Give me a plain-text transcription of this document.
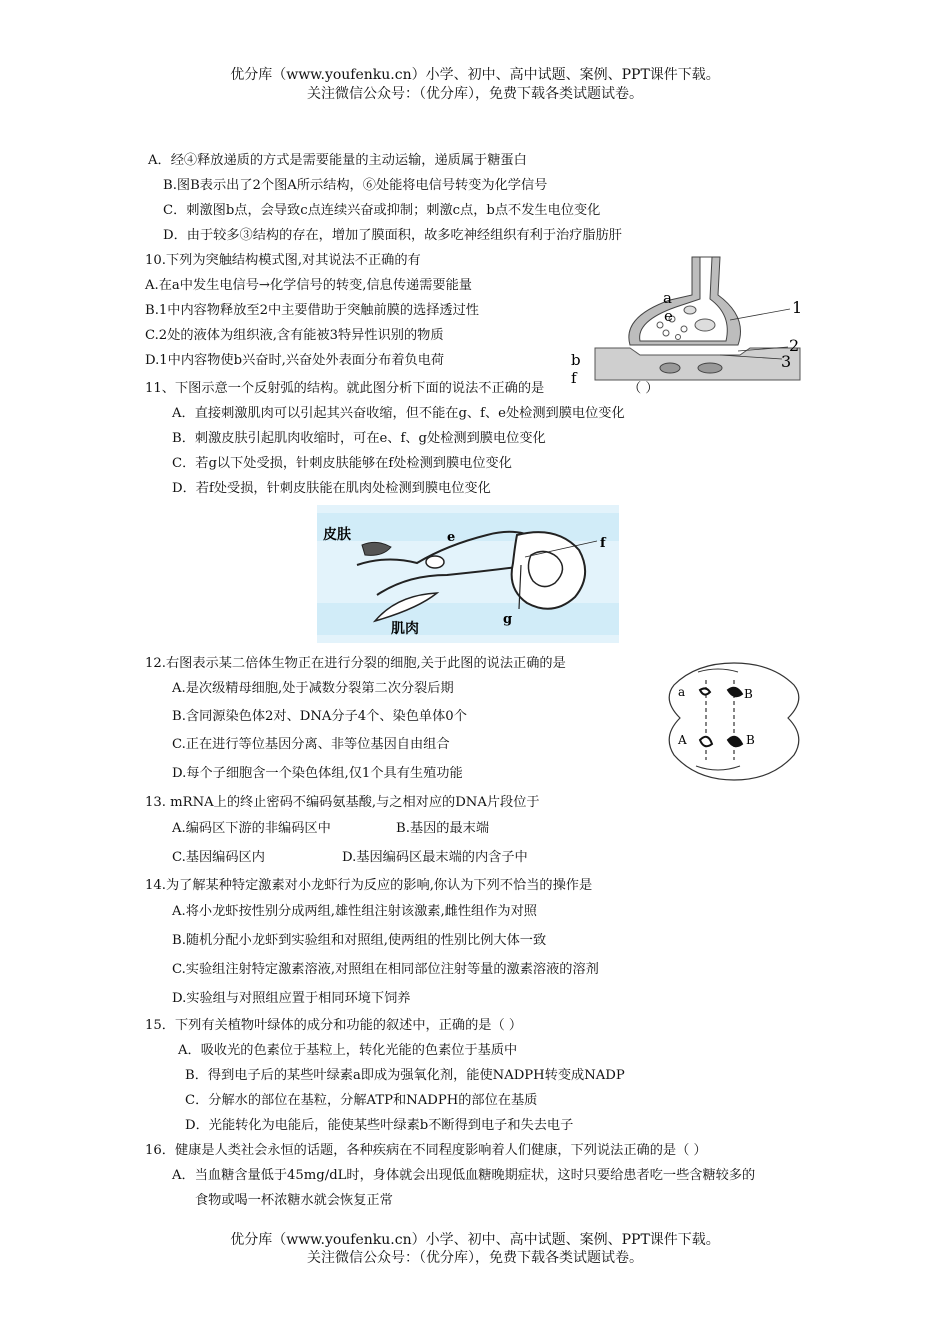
优分库（www.youfenku.cn）小学、初中、高中试题、案例、PPT课件下载。
关注微信公众号：（优分库），免费下载各类试题试卷。
A．经④释放递质的方式是需要能量的主动运输，递质属于糖蛋白
B.图B表示出了2个图A所示结构，⑥处能将电信号转变为化学信号
C．刺激图b点，会导致c点连续兴奋或抑制；刺激c点，b点不发生电位变化
D．由于较多③结构的存在，增加了膜面积，故多吃神经组织有利于治疗脂肪肝
10.下列为突触结构模式图,对其说法不正确的有
A.在a中发生电信号→化学信号的转变,信息传递需要能量
B.1中内容物释放至2中主要借助于突触前膜的选择透过性
C.2处的液体为组织液,含有能被3特异性识别的物质
D.1中内容物使b兴奋时,兴奋处外表面分布着负电荷
a
e	1
2
3
b
f
11、下图示意一个反射弧的结构。就此图分析下面的说法不正确的是	（ ）
A．直接刺激肌肉可以引起其兴奋收缩，但不能在g、f、e处检测到膜电位变化
B．刺激皮肤引起肌肉收缩时，可在e、f、g处检测到膜电位变化
C．若g以下处受损，针刺皮肤能够在f处检测到膜电位变化
D．若f处受损，针刺皮肤能在肌肉处检测到膜电位变化
皮肤
肌肉
e	f
g
12.右图表示某二倍体生物正在进行分裂的细胞,关于此图的说法正确的是
A.是次级精母细胞,处于减数分裂第二次分裂后期
B.含同源染色体2对、DNA分子4个、染色单体0个
C.正在进行等位基因分离、非等位基因自由组合
D.每个子细胞含一个染色体组,仅1个具有生殖功能
a	B
A	B
13. mRNA上的终止密码不编码氨基酸,与之相对应的DNA片段位于
A.编码区下游的非编码区中	B.基因的最末端
C.基因编码区内	D.基因编码区最末端的内含子中
14.为了解某种特定激素对小龙虾行为反应的影响,你认为下列不恰当的操作是
A.将小龙虾按性别分成两组,雄性组注射该激素,雌性组作为对照
B.随机分配小龙虾到实验组和对照组,使两组的性别比例大体一致
C.实验组注射特定激素溶液,对照组在相同部位注射等量的激素溶液的溶剂
D.实验组与对照组应置于相同环境下饲养
15．下列有关植物叶绿体的成分和功能的叙述中，正确的是（ ）
A．吸收光的色素位于基粒上，转化光能的色素位于基质中
B．得到电子后的某些叶绿素a即成为强氧化剂，能使NADPH转变成NADP
C．分解水的部位在基粒，分解ATP和NADPH的部位在基质
D．光能转化为电能后，能使某些叶绿素b不断得到电子和失去电子
16．健康是人类社会永恒的话题，各种疾病在不同程度影响着人们健康，下列说法正确的是（ ）
A．当血糖含量低于45mg/dL时，身体就会出现低血糖晚期症状，这时只要给患者吃一些含糖较多的
食物或喝一杯浓糖水就会恢复正常
优分库（www.youfenku.cn）小学、初中、高中试题、案例、PPT课件下载。
关注微信公众号：（优分库），免费下载各类试题试卷。
